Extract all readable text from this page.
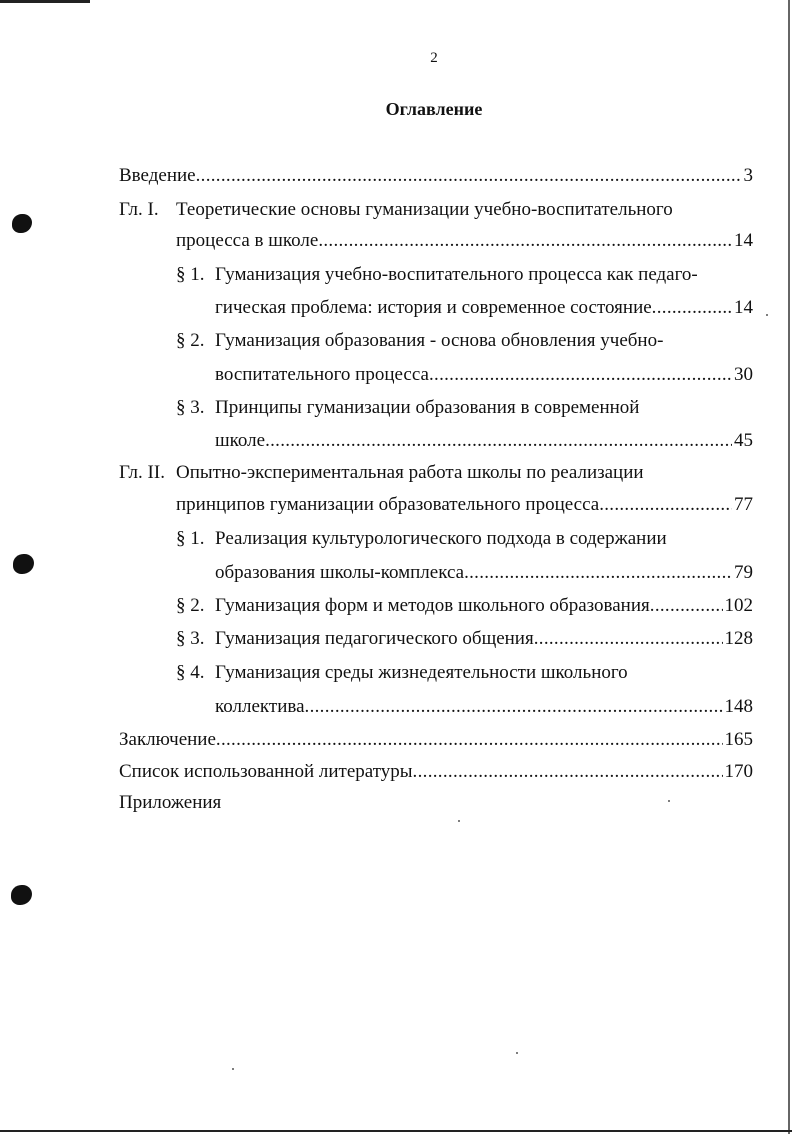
2
Оглавление
Введение .....	3
Гл. I. Теоретические основы гуманизации учебно-воспитательного
процесса в школе .....	14
§ 1. Гуманизация учебно-воспитательного процесса как педаго-
гическая проблема: история и современное состояние .....	14
§ 2. Гуманизация образования - основа обновления учебно-
воспитательного процесса .....	30
§ 3. Принципы гуманизации образования в современной
школе .....	45
Гл. II. Опытно-экспериментальная работа школы по реализации
принципов гуманизации образовательного процесса .....	77
§ 1. Реализация культурологического подхода в содержании
образования школы-комплекса .....	79
§ 2. Гуманизация форм и методов школьного образования .....	102
§ 3. Гуманизация педагогического общения .....	128
§ 4. Гуманизация среды жизнедеятельности школьного
коллектива .....	148
Заключение .....	165
Список использованной литературы .....	170
Приложения
